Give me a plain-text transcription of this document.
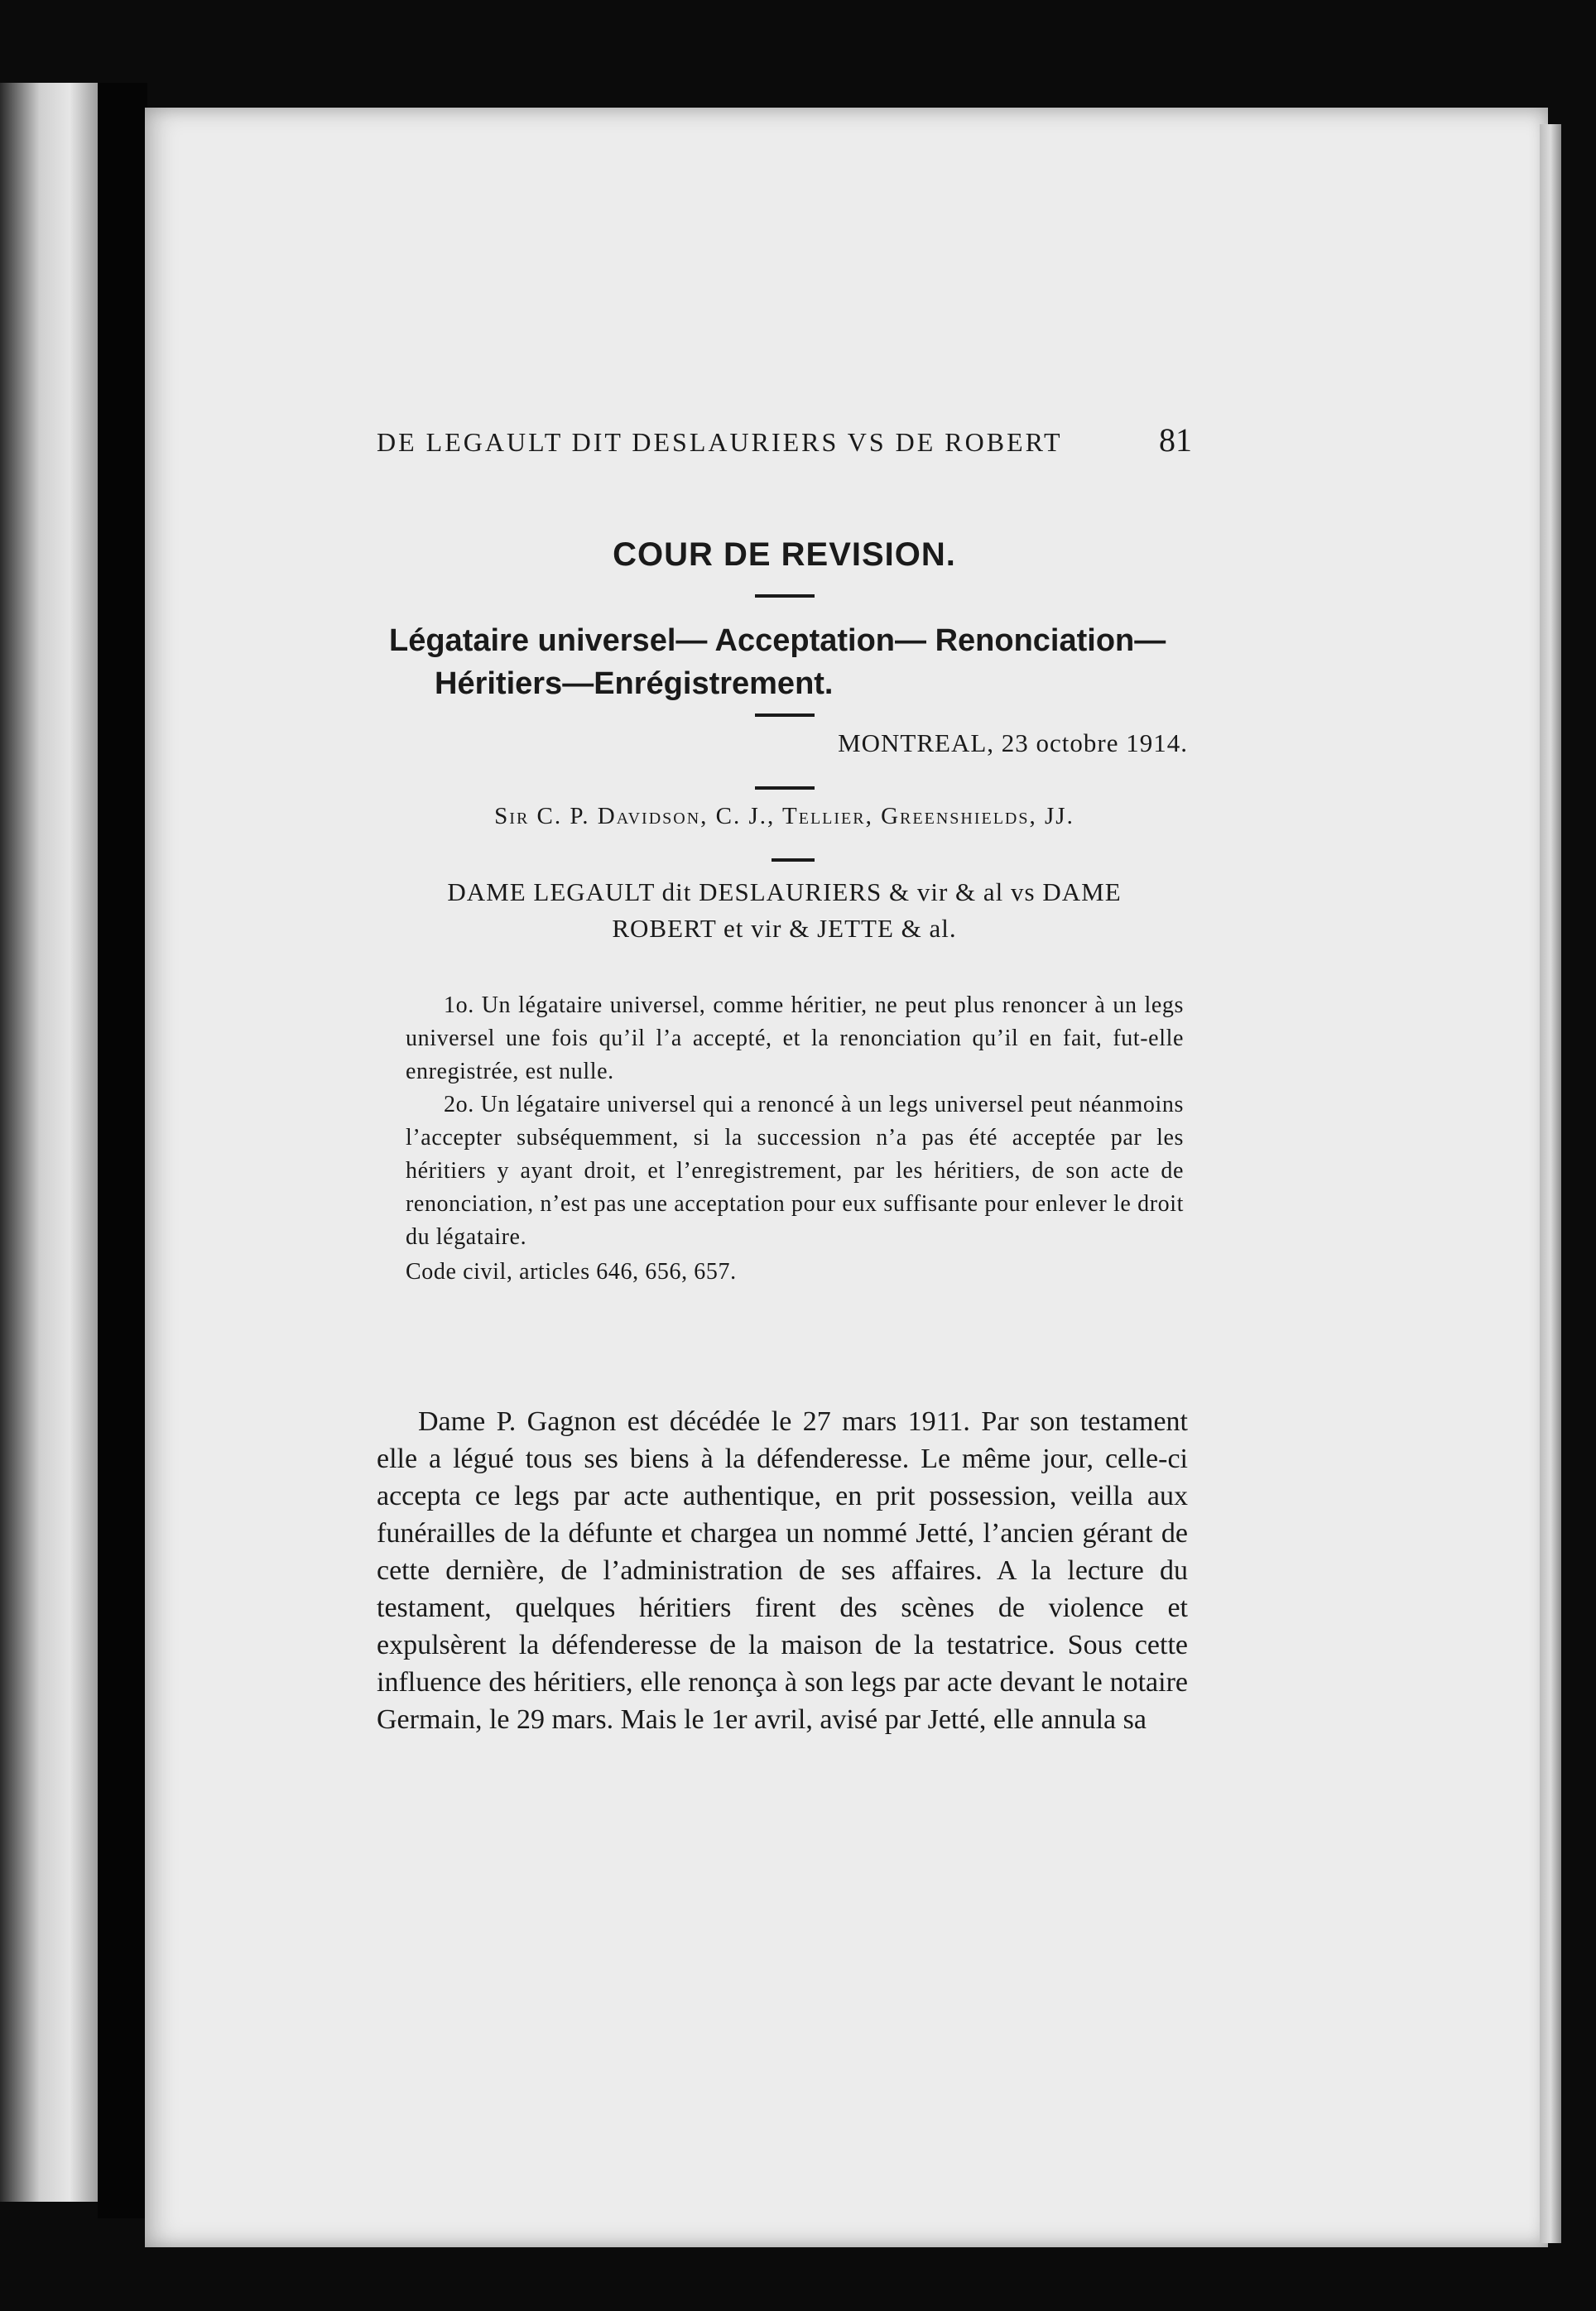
DE LEGAULT DIT DESLAURIERS VS DE ROBERT	81
COUR DE REVISION.
Légataire universel— Acceptation— Renonciation—
Héritiers—Enrégistrement.
MONTREAL, 23 octobre 1914.
Sir C. P. Davidson, C. J., Tellier, Greenshields, JJ.
DAME LEGAULT dit DESLAURIERS & vir & al vs DAME
ROBERT et vir & JETTE & al.

1o. Un légataire universel, comme héritier, ne peut plus renoncer à un legs universel une fois qu’il l’a accepté, et la renonciation qu’il en fait, fut-elle enregistrée, est nulle.

2o. Un légataire universel qui a renoncé à un legs universel peut néanmoins l’accepter subséquemment, si la succession n’a pas été acceptée par les héritiers y ayant droit, et l’enregistrement, par les héritiers, de son acte de renonciation, n’est pas une acceptation pour eux suffisante pour enlever le droit du légataire.

Code civil, articles 646, 656, 657.

Dame P. Gagnon est décédée le 27 mars 1911. Par son testament elle a légué tous ses biens à la défenderesse. Le même jour, celle-ci accepta ce legs par acte authentique, en prit possession, veilla aux funérailles de la défunte et chargea un nommé Jetté, l’ancien gérant de cette dernière, de l’administration de ses affaires. A la lecture du testament, quelques héritiers firent des scènes de violence et expulsèrent la défenderesse de la maison de la testatrice. Sous cette influence des héritiers, elle renonça à son legs par acte devant le notaire Germain, le 29 mars. Mais le 1er avril, avisé par Jetté, elle annula sa
